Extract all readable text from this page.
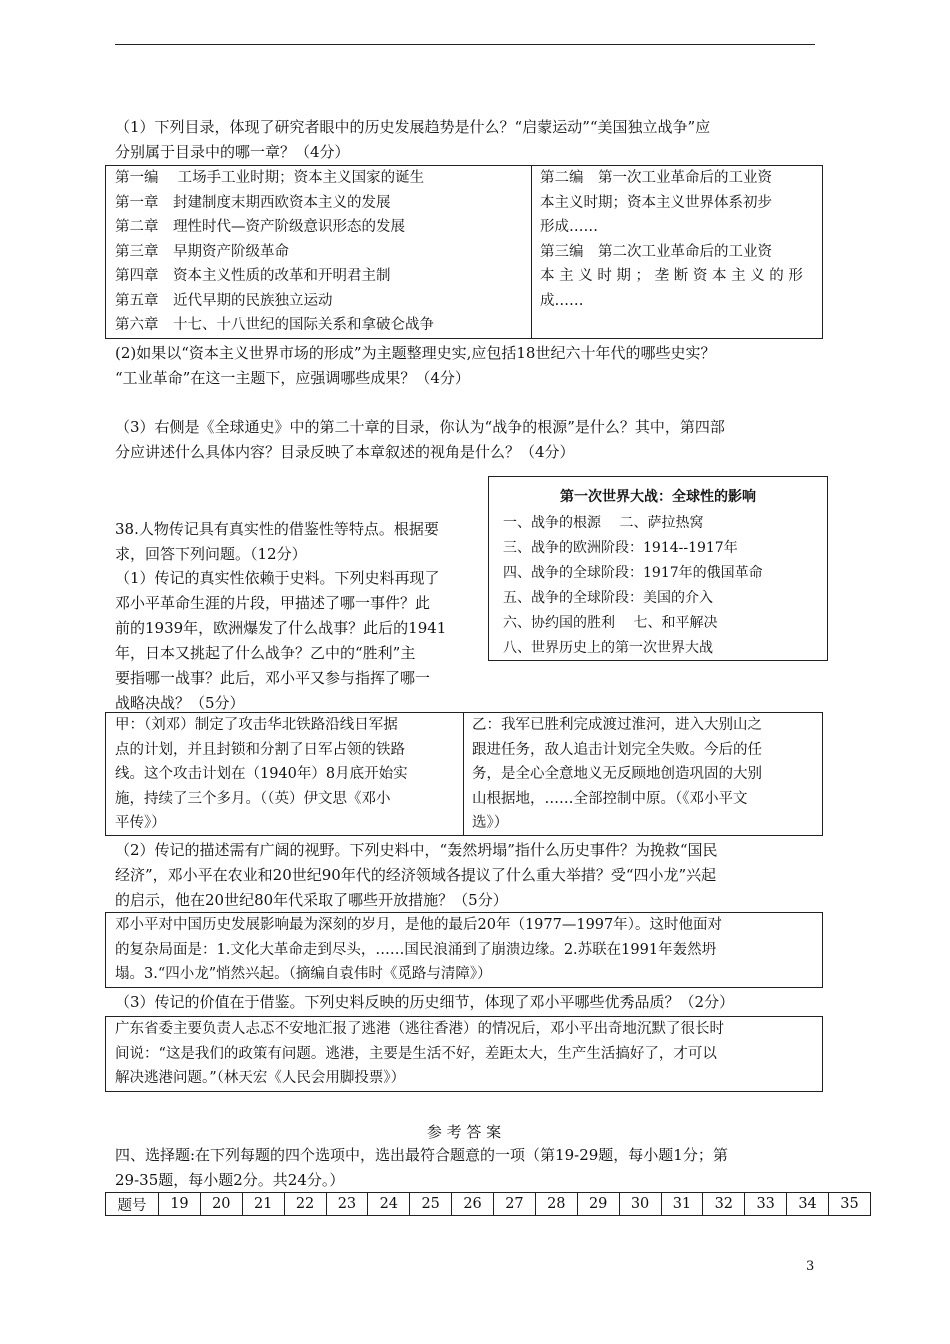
（1）下列目录，体现了研究者眼中的历史发展趋势是什么？“启蒙运动”“美国独立战争”应
分别属于目录中的哪一章？（4分）
第一编　 工场手工业时期；资本主义国家的诞生
第一章　封建制度末期西欧资本主义的发展
第二章　理性时代—资产阶级意识形态的发展
第三章　早期资产阶级革命
第四章　资本主义性质的改革和开明君主制
第五章　近代早期的民族独立运动
第六章　十七、十八世纪的国际关系和拿破仑战争
第二编　第一次工业革命后的工业资
本主义时期；资本主义世界体系初步
形成……
第三编　第二次工业革命后的工业资
本 主 义 时 期 ； 垄 断 资 本 主 义 的 形
成……
(2)如果以“资本主义世界市场的形成”为主题整理史实,应包括18世纪六十年代的哪些史实？
“工业革命”在这一主题下，应强调哪些成果？（4分）
（3）右侧是《全球通史》中的第二十章的目录，你认为“战争的根源”是什么？其中，第四部
分应讲述什么具体内容？目录反映了本章叙述的视角是什么？（4分）
第一次世界大战：全球性的影响
一、战争的根源　 二、萨拉热窝
三、战争的欧洲阶段：1914--1917年
四、战争的全球阶段：1917年的俄国革命
五、战争的全球阶段：美国的介入
六、协约国的胜利　 七、和平解决
八、世界历史上的第一次世界大战
38.人物传记具有真实性的借鉴性等特点。根据要
求，回答下列问题。（12分）
（1）传记的真实性依赖于史料。下列史料再现了
邓小平革命生涯的片段，甲描述了哪一事件？此
前的1939年，欧洲爆发了什么战事？此后的1941
年，日本又挑起了什么战争？乙中的“胜利”主
要指哪一战事？此后，邓小平又参与指挥了哪一
战略决战？（5分）
甲：（刘邓）制定了攻击华北铁路沿线日军据
点的计划，并且封锁和分割了日军占领的铁路
线。这个攻击计划在（1940年）8月底开始实
施，持续了三个多月。（（英）伊文思《邓小
平传》）
乙：我军已胜利完成渡过淮河，进入大别山之
跟进任务，敌人追击计划完全失败。今后的任
务，是全心全意地义无反顾地创造巩固的大别
山根据地，……全部控制中原。（《邓小平文
选》）
（2）传记的描述需有广阔的视野。下列史料中，“轰然坍塌”指什么历史事件？为挽救“国民
经济”，邓小平在农业和20世纪90年代的经济领域各提议了什么重大举措？受“四小龙”兴起
的启示，他在20世纪80年代采取了哪些开放措施？（5分）
邓小平对中国历史发展影响最为深刻的岁月，是他的最后20年（1977—1997年）。这时他面对
的复杂局面是：1.文化大革命走到尽头，……国民浪涌到了崩溃边缘。2.苏联在1991年轰然坍
塌。3.“四小龙”悄然兴起。（摘编自袁伟时《觅路与清障》）
（3）传记的价值在于借鉴。下列史料反映的历史细节，体现了邓小平哪些优秀品质？（2分）
广东省委主要负责人忐忑不安地汇报了逃港（逃往香港）的情况后，邓小平出奇地沉默了很长时
间说：“这是我们的政策有问题。逃港，主要是生活不好，差距太大，生产生活搞好了，才可以
解决逃港问题。”（林天宏《人民会用脚投票》）
参 考 答 案
四、选择题:在下列每题的四个选项中，选出最符合题意的一项（第19-29题，每小题1分；第
29-35题，每小题2分。共24分。）
题号	19	20	21	22	23	24	25	26	27	28	29	30	31	32	33	34	35
3
